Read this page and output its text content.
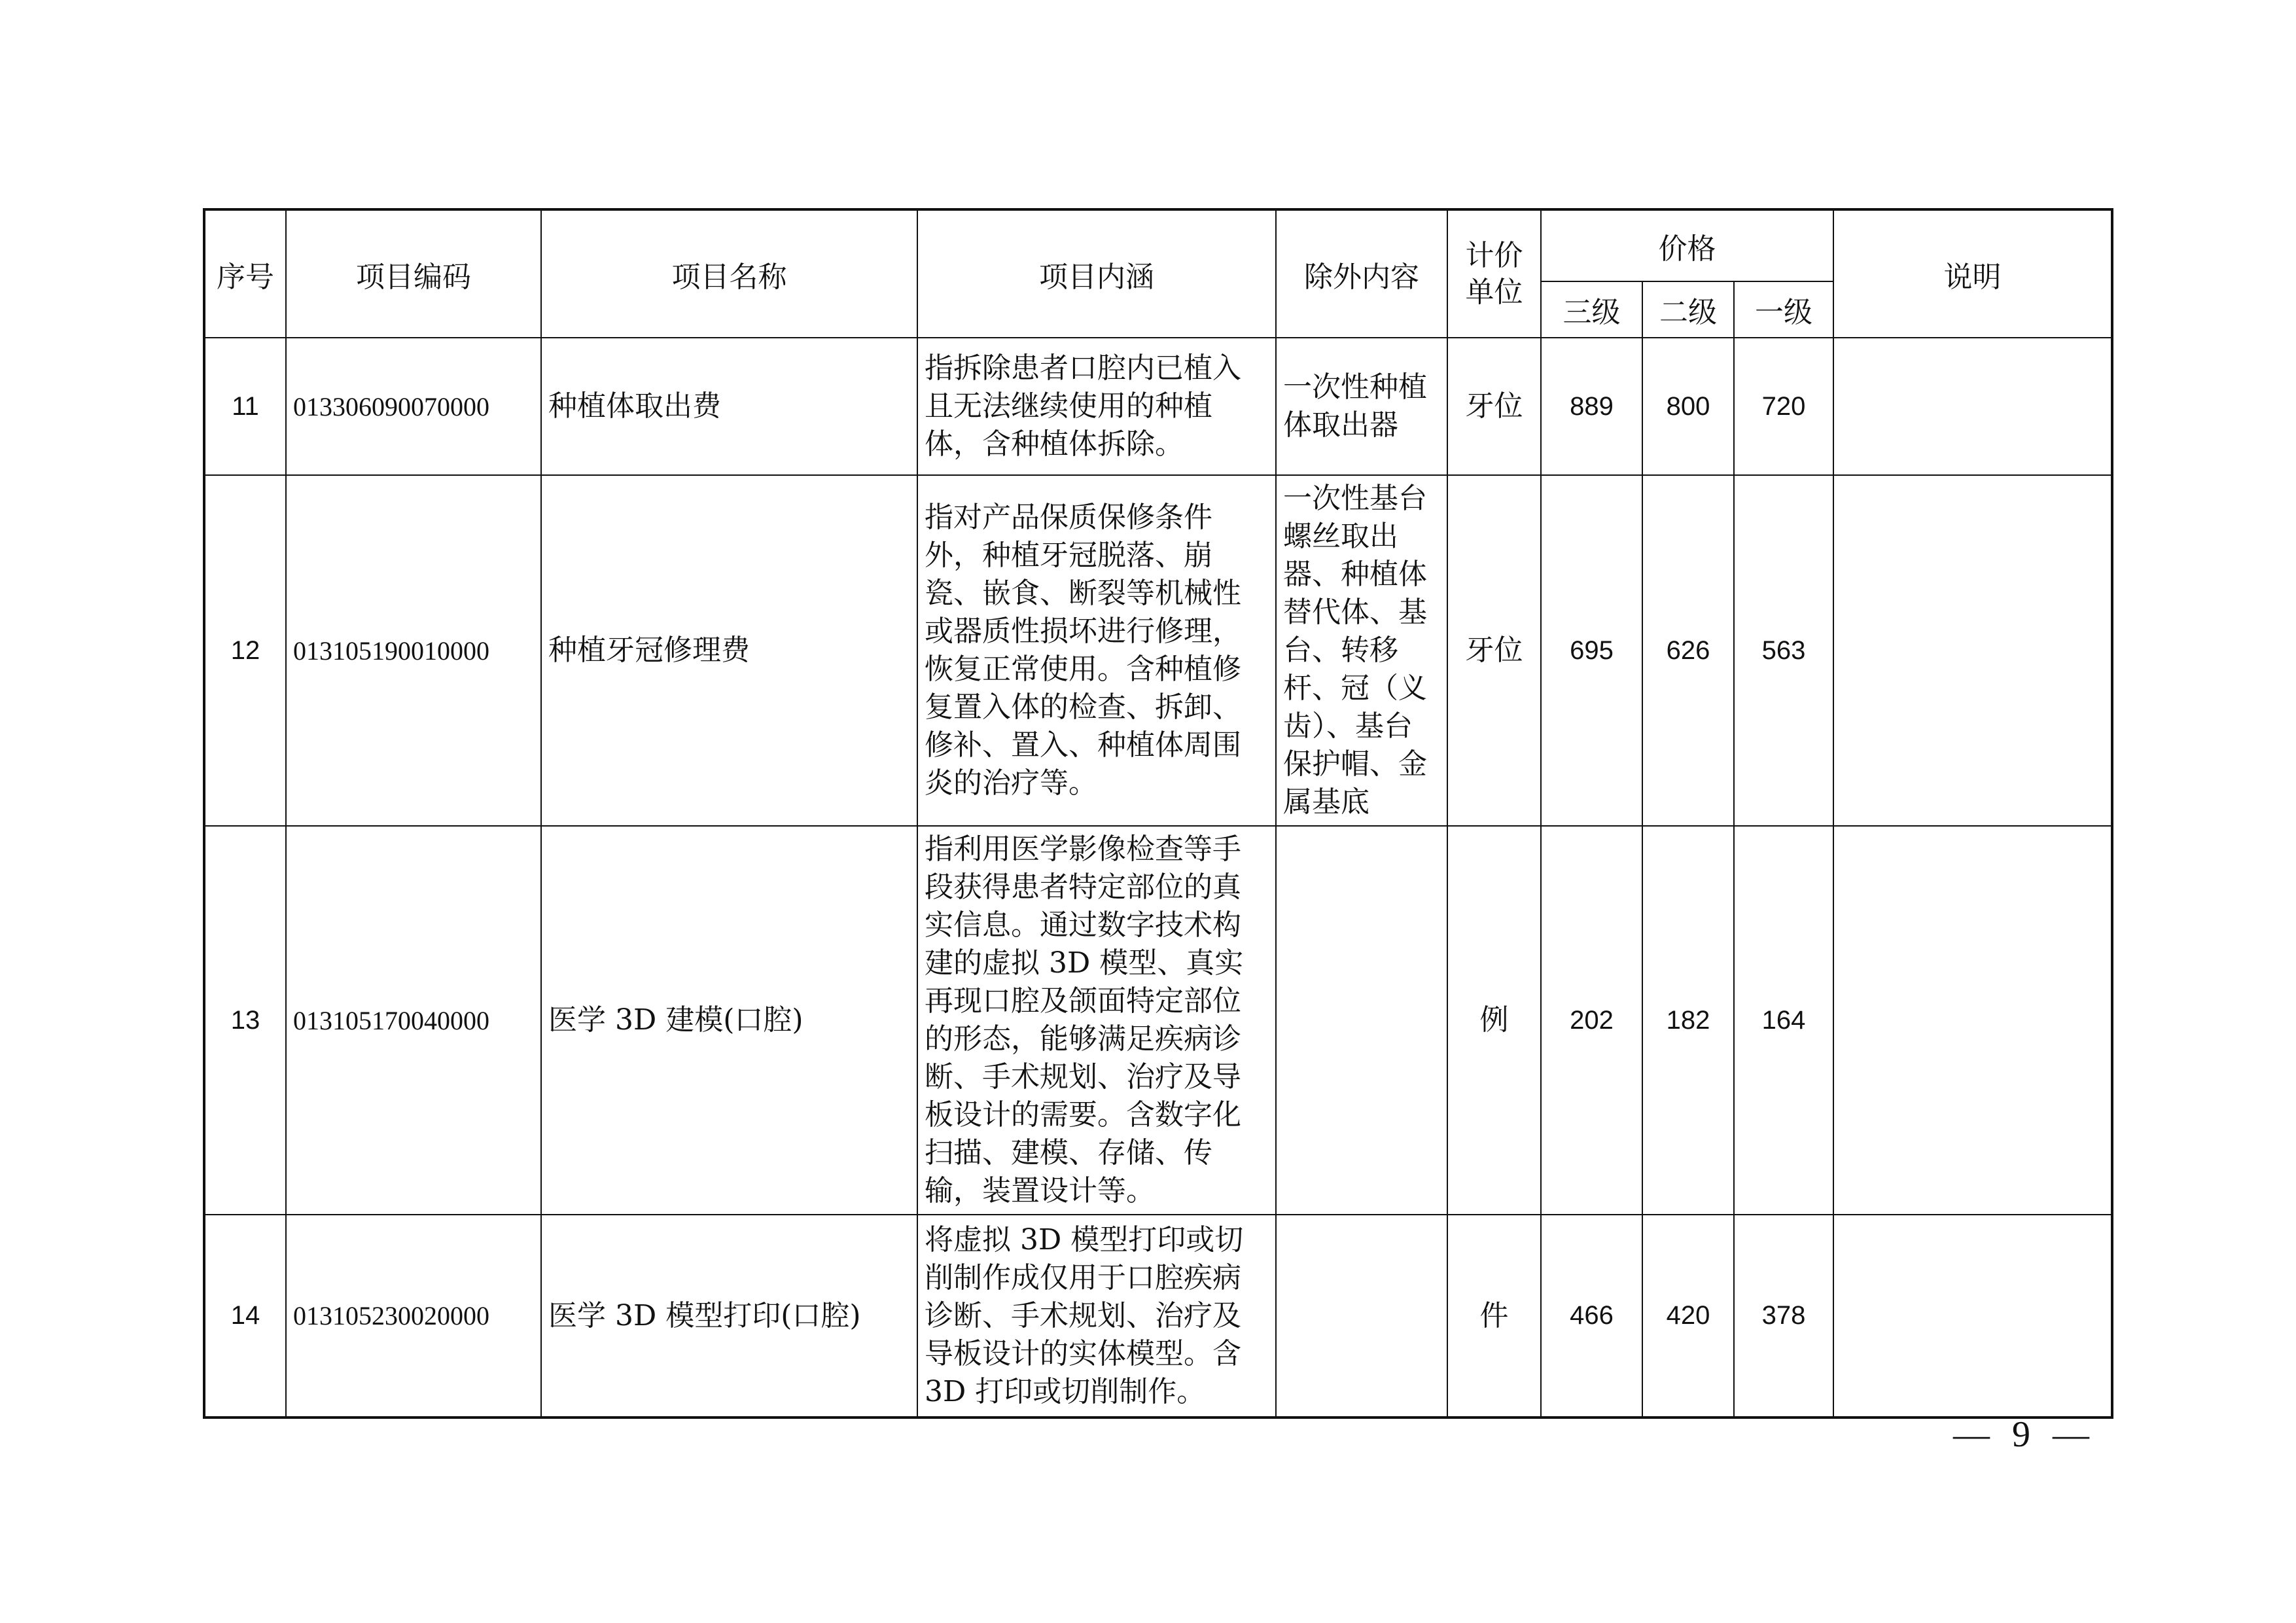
序号	项目编码	项目名称	项目内涵	除外内容	计价单位	价格			说明
						三级	二级	一级	
11	013306090070000	种植体取出费	指拆除患者口腔内已植入且无法继续使用的种植体，含种植体拆除。	一次性种植体取出器	牙位	889	800	720	
12	013105190010000	种植牙冠修理费	指对产品保质保修条件外，种植牙冠脱落、崩瓷、嵌食、断裂等机械性或器质性损坏进行修理，恢复正常使用。含种植修复置入体的检查、拆卸、修补、置入、种植体周围炎的治疗等。	一次性基台螺丝取出器、种植体替代体、基台、转移杆、冠（义齿）、基台保护帽、金属基底	牙位	695	626	563	
13	013105170040000	医学 3D 建模(口腔)	指利用医学影像检查等手段获得患者特定部位的真实信息。通过数字技术构建的虚拟 3D 模型、真实再现口腔及颌面特定部位的形态，能够满足疾病诊断、手术规划、治疗及导板设计的需要。含数字化扫描、建模、存储、传输，装置设计等。		例	202	182	164	
14	013105230020000	医学 3D 模型打印(口腔)	将虚拟 3D 模型打印或切削制作成仅用于口腔疾病诊断、手术规划、治疗及导板设计的实体模型。含 3D 打印或切削制作。		件	466	420	378	
— 9 —
